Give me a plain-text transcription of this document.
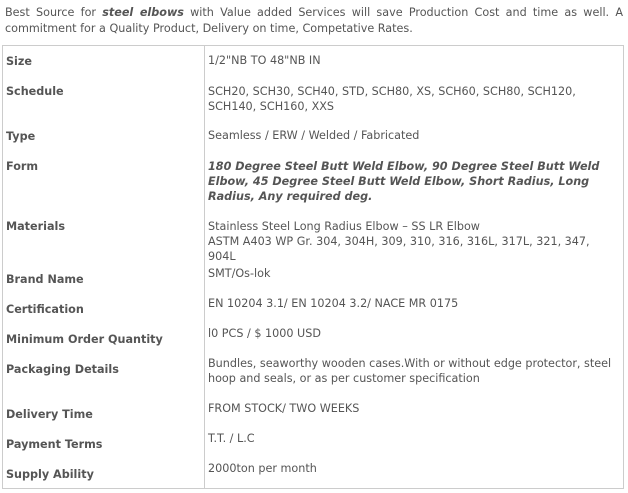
Best Source for steel elbows with Value added Services will save Production Cost and time as well. A commitment for a Quality Product, Delivery on time, Competative Rates.

Size	1/2"NB TO 48"NB IN

Schedule	SCH20, SCH30, SCH40, STD, SCH80, XS, SCH60, SCH80, SCH120, SCH140, SCH160, XXS

Type	Seamless / ERW / Welded / Fabricated

Form	180 Degree Steel Butt Weld Elbow, 90 Degree Steel Butt Weld Elbow, 45 Degree Steel Butt Weld Elbow, Short Radius, Long Radius, Any required deg.

Materials	Stainless Steel Long Radius Elbow – SS LR Elbow
ASTM A403 WP Gr. 304, 304H, 309, 310, 316, 316L, 317L, 321, 347, 904L

Brand Name	SMT/Os-lok

Certification	EN 10204 3.1/ EN 10204 3.2/ NACE MR 0175

Minimum Order Quantity	l0 PCS / $ 1000 USD

Packaging Details	Bundles, seaworthy wooden cases.With or without edge protector, steel hoop and seals, or as per customer specification

Delivery Time	FROM STOCK/ TWO WEEKS

Payment Terms	T.T. / L.C

Supply Ability	2000ton per month
